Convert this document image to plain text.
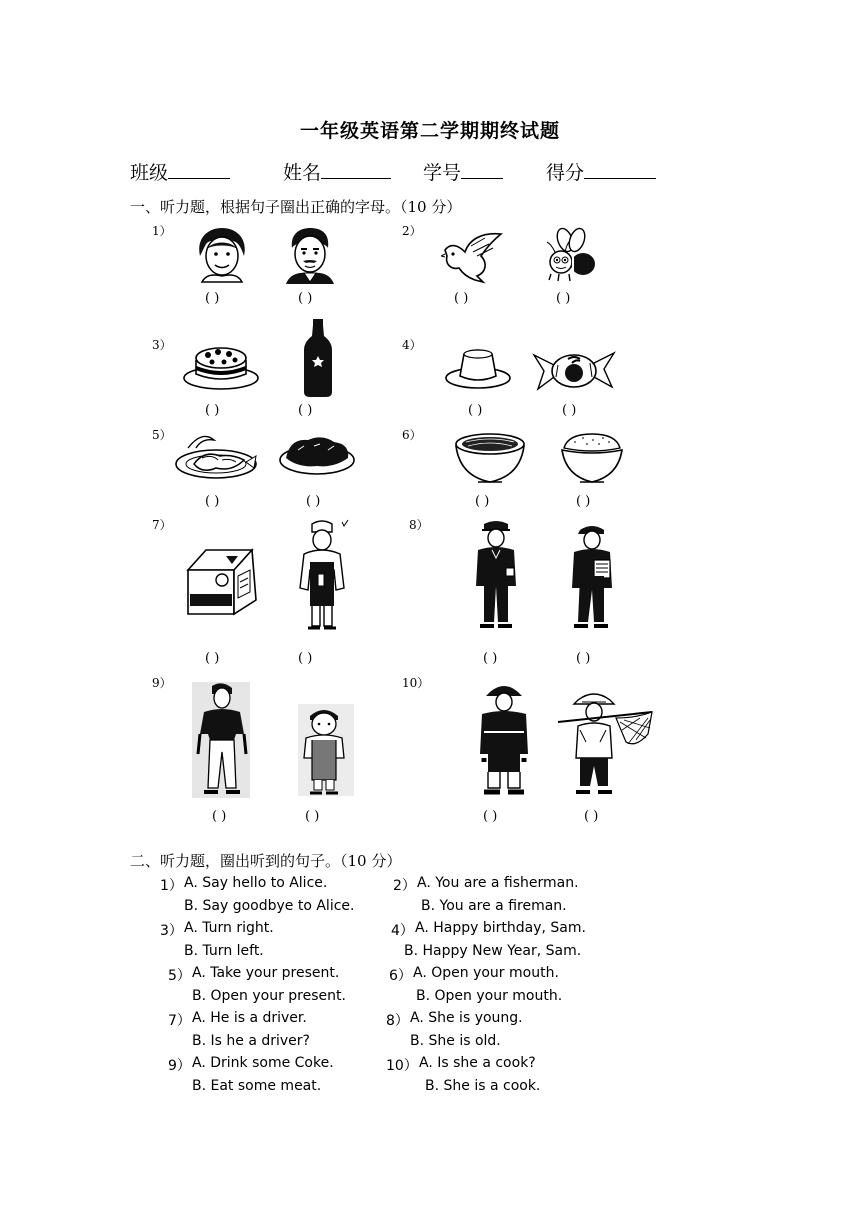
一年级英语第二学期期终试题
班级	姓名	学号	得分
一、听力题，根据句子圈出正确的字母。（10 分）
1）	2）
3）	4）
5）	6）
7）	8）
9）	10）
( )	( )	( )	( )
( )	( )	( )	( )
( )	( )	( )	( )
( )	( )	( )	( )
( )	( )	( )	( )
二、听力题，圈出听到的句子。（10 分）
1） A. Say hello to Alice.
B. Say goodbye to Alice.
2） A. You are a fisherman.
B. You are a fireman.
3） A. Turn right.
B. Turn left.
4） A. Happy birthday, Sam.
B. Happy New Year, Sam.
5） A. Take your present.
B. Open your present.
6） A. Open your mouth.
B. Open your mouth.
7） A. He is a driver.
B. Is he a driver?
8） A. She is young.
B. She is old.
9） A. Drink some Coke.
B. Eat some meat.
10） A. Is she a cook?
B. She is a cook.
